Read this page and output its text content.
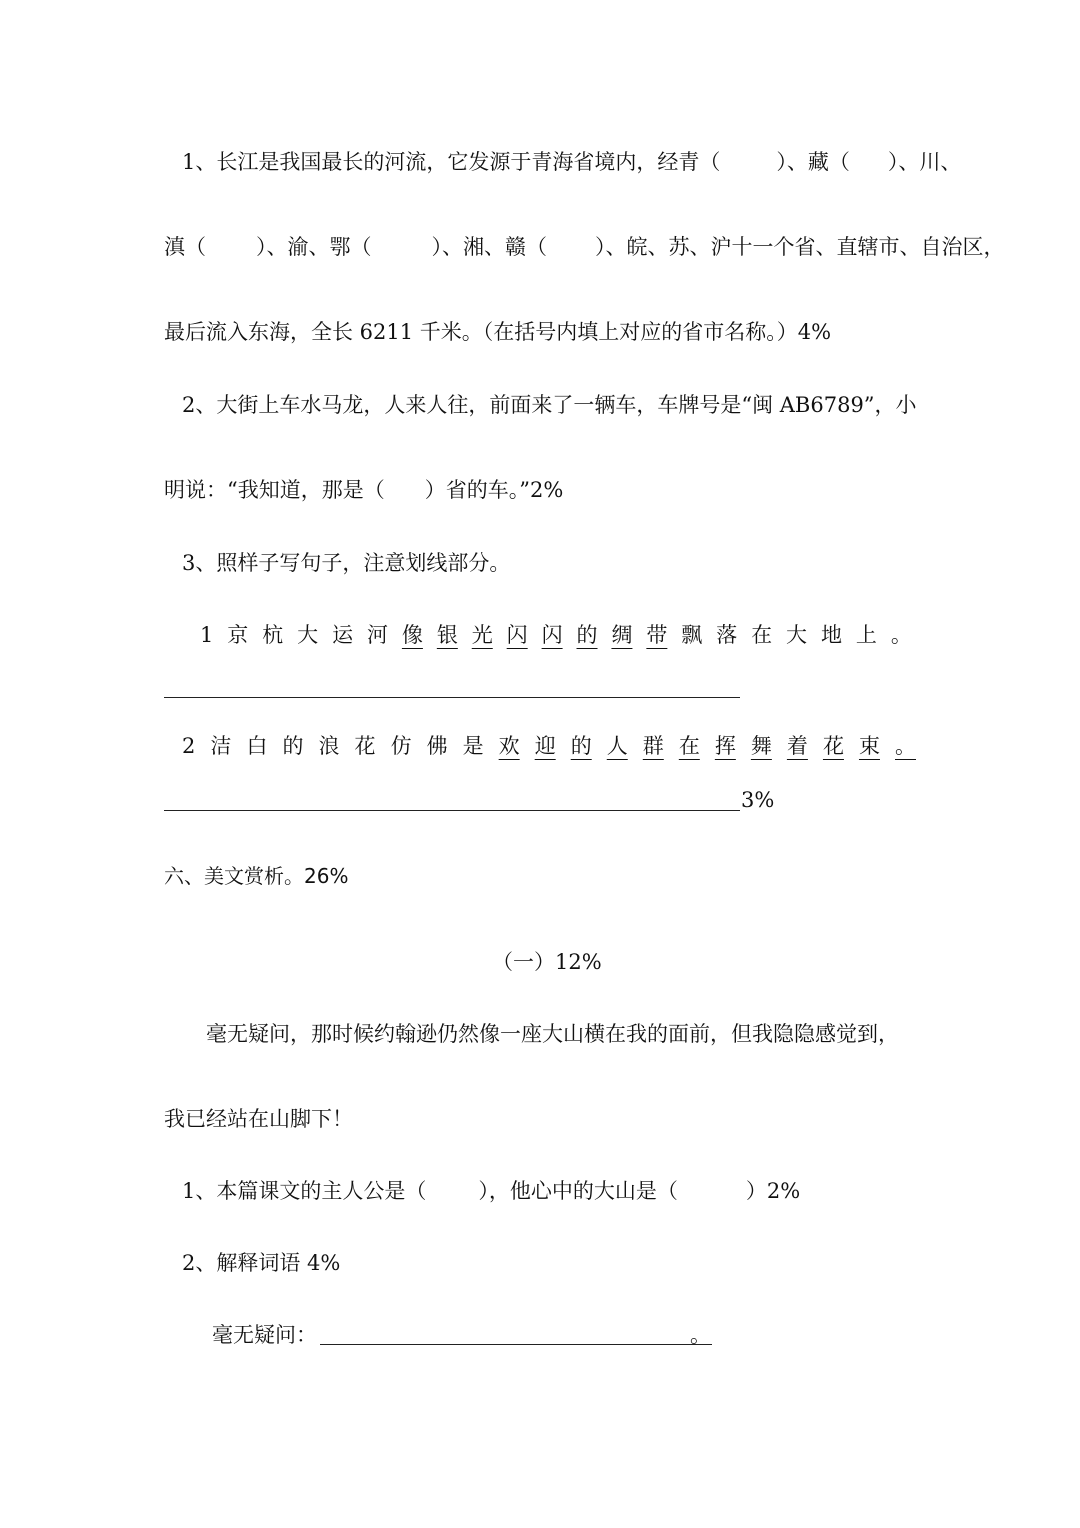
1、长江是我国最长的河流，它发源于青海省境内，经青（	）、藏（ ）、川、
滇（ ）、渝、鄂（	）、湘、赣（ ）、皖、苏、沪十一个省、直辖市、自治区，
最后流入东海，全长 6211 千米。（在括号内填上对应的省市名称。）4%
2、大街上车水马龙，人来人往，前面来了一辆车，车牌号是“闽 AB6789”，小
明说：“我知道，那是（ ）省的车。”2%
3、照样子写句子，注意划线部分。
1 京 杭 大 运 河 像 银 光 闪 闪 的 绸 带 飘 落 在 大 地 上 。
2 洁 白 的 浪 花 仿 佛 是 欢 迎 的 人 群 在 挥 舞 着 花 束 。
3%
六、美文赏析。26%
（一）12%
毫无疑问，那时候约翰逊仍然像一座大山横在我的面前，但我隐隐感觉到，
我已经站在山脚下！
1、本篇课文的主人公是（ ），他心中的大山是（	）2%
2、解释词语 4%
毫无疑问：	。
